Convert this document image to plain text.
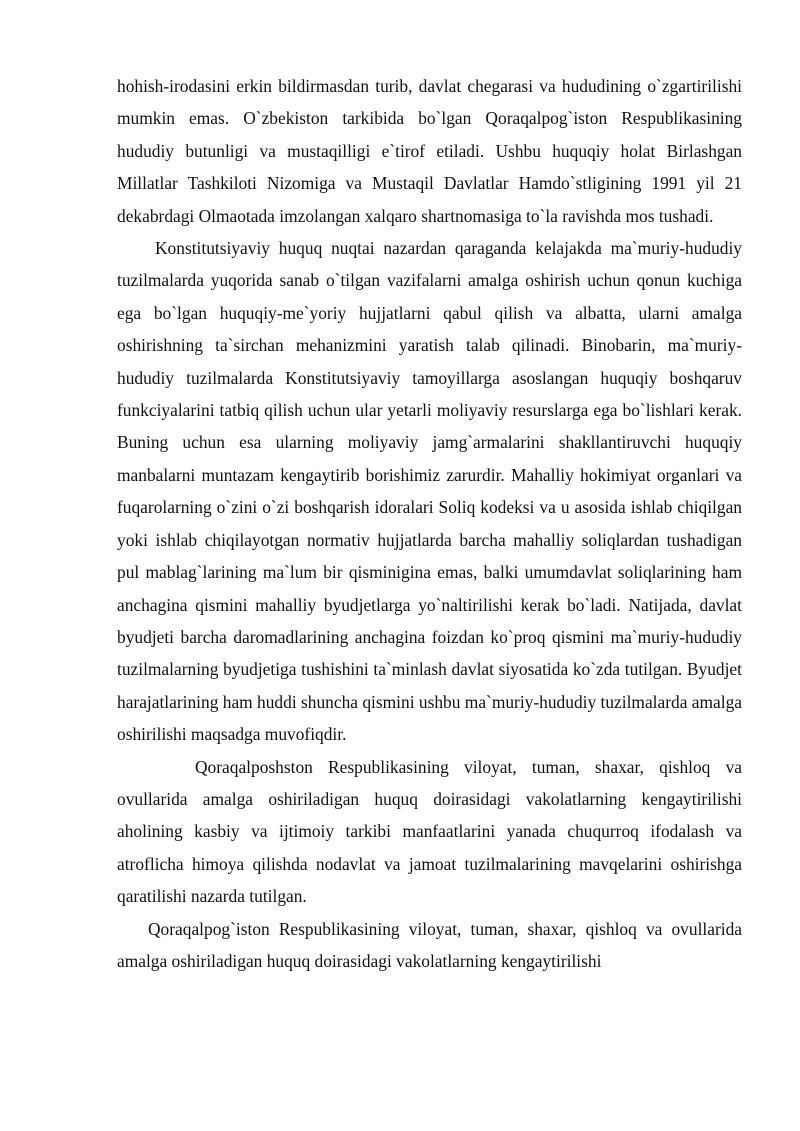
hohish-irodasini erkin bildirmasdan turib, davlat chegarasi va hududining o`zgartirilishi mumkin emas. O`zbekiston tarkibida bo`lgan Qoraqalpog`iston Respublikasining hududiy butunligi va mustaqilligi e`tirof etiladi. Ushbu huquqiy holat Birlashgan Millatlar Tashkiloti Nizomiga va Mustaqil Davlatlar Hamdo`stligining 1991 yil 21 dekabrdagi Olmaotada imzolangan xalqaro shartnomasiga to`la ravishda mos tushadi.

Konstitutsiyaviy huquq nuqtai nazardan qaraganda kelajakda ma`muriy-hududiy tuzilmalarda yuqorida sanab o`tilgan vazifalarni amalga oshirish uchun qonun kuchiga ega bo`lgan huquqiy-me`yoriy hujjatlarni qabul qilish va albatta, ularni amalga oshirishning ta`sirchan mehanizmini yaratish talab qilinadi. Binobarin, ma`muriy-hududiy tuzilmalarda Konstitutsiyaviy tamoyillarga asoslangan huquqiy boshqaruv funkciyalarini tatbiq qilish uchun ular yetarli moliyaviy resurslarga ega bo`lishlari kerak. Buning uchun esa ularning moliyaviy jamg`armalarini shakllantiruvchi huquqiy manbalarni muntazam kengaytirib borishimiz zarurdir. Mahalliy hokimiyat organlari va fuqarolarning o`zini o`zi boshqarish idoralari Soliq kodeksi va u asosida ishlab chiqilgan yoki ishlab chiqilayotgan normativ hujjatlarda barcha mahalliy soliqlardan tushadigan pul mablag`larining ma`lum bir qisminigina emas, balki umumdavlat soliqlarining ham anchagina qismini mahalliy byudjetlarga yo`naltirilishi kerak bo`ladi. Natijada, davlat byudjeti barcha daromadlarining anchagina foizdan ko`proq qismini ma`muriy-hududiy tuzilmalarning byudjetiga tushishini ta`minlash davlat siyosatida ko`zda tutilgan. Byudjet harajatlarining ham huddi shuncha qismini ushbu ma`muriy-hududiy tuzilmalarda amalga oshirilishi maqsadga muvofiqdir.

Qoraqalposhston Respublikasining viloyat, tuman, shaxar, qishloq va ovullarida amalga oshiriladigan huquq doirasidagi vakolatlarning kengaytirilishi aholining kasbiy va ijtimoiy tarkibi manfaatlarini yanada chuqurroq ifodalash va atroflicha himoya qilishda nodavlat va jamoat tuzilmalarining mavqelarini oshirishga qaratilishi nazarda tutilgan.

Qoraqalpog`iston Respublikasining viloyat, tuman, shaxar, qishloq va ovullarida amalga oshiriladigan huquq doirasidagi vakolatlarning kengaytirilishi
